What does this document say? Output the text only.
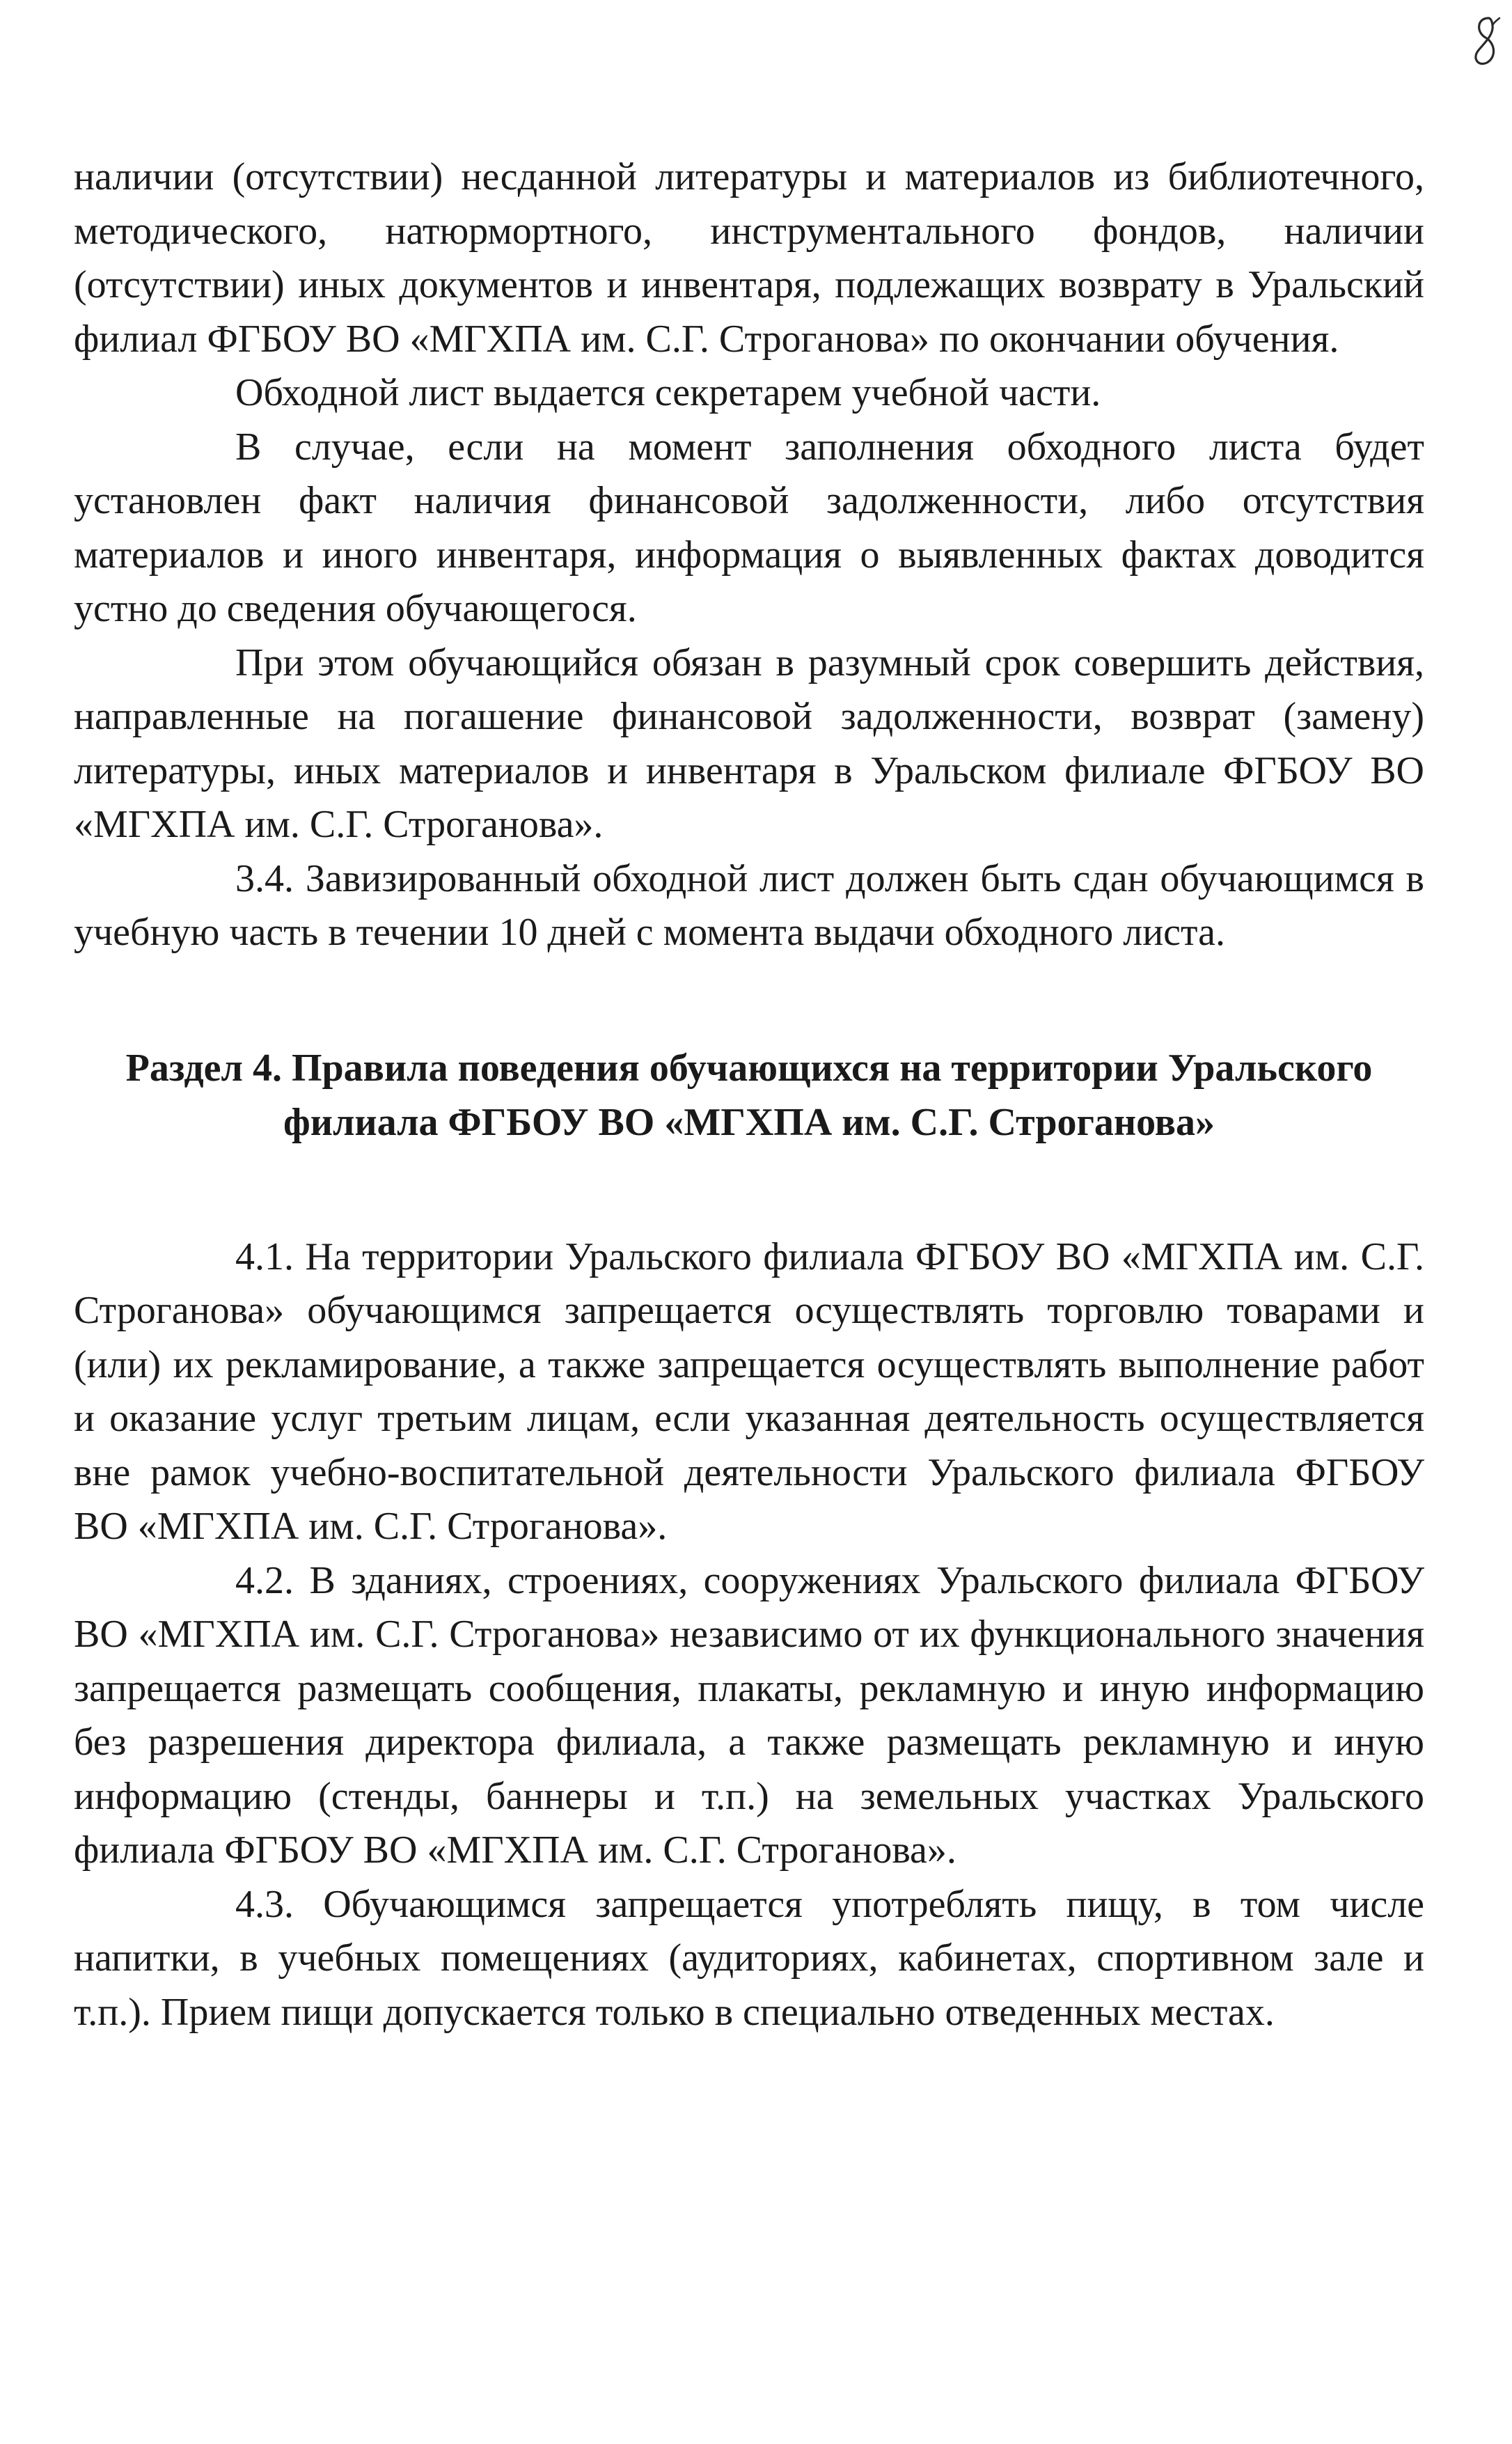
наличии (отсутствии) несданной литературы и материалов из библиотечного, методического, натюрмортного, инструментального фондов, наличии (отсутствии) иных документов и инвентаря, подлежащих возврату в Уральский филиал ФГБОУ ВО «МГХПА им. С.Г. Строганова» по окончании обучения.

Обходной лист выдается секретарем учебной части.

В случае, если на момент заполнения обходного листа будет установлен факт наличия финансовой задолженности, либо отсутствия материалов и иного инвентаря, информация о выявленных фактах доводится устно до сведения обучающегося.

При этом обучающийся обязан в разумный срок совершить действия, направленные на погашение финансовой задолженности, возврат (замену) литературы, иных материалов и инвентаря в Уральском филиале ФГБОУ ВО «МГХПА им. С.Г. Строганова».

3.4. Завизированный обходной лист должен быть сдан обучающимся в учебную часть в течении 10 дней с момента выдачи обходного листа.

Раздел 4. Правила поведения обучающихся на территории Уральского
филиала ФГБОУ ВО «МГХПА им. С.Г. Строганова»

4.1. На территории Уральского филиала ФГБОУ ВО «МГХПА им. С.Г. Строганова» обучающимся запрещается осуществлять торговлю товарами и (или) их рекламирование, а также запрещается осуществлять выполнение работ и оказание услуг третьим лицам, если указанная деятельность осуществляется вне рамок учебно-воспитательной деятельности Уральского филиала ФГБОУ ВО «МГХПА им. С.Г. Строганова».

4.2. В зданиях, строениях, сооружениях Уральского филиала ФГБОУ ВО «МГХПА им. С.Г. Строганова» независимо от их функционального значения запрещается размещать сообщения, плакаты, рекламную и иную информацию без разрешения директора филиала, а также размещать рекламную и иную информацию (стенды, баннеры и т.п.) на земельных участках Уральского филиала ФГБОУ ВО «МГХПА им. С.Г. Строганова».

4.3. Обучающимся запрещается употреблять пищу, в том числе напитки, в учебных помещениях (аудиториях, кабинетах, спортивном зале и т.п.). Прием пищи допускается только в специально отведенных местах.
